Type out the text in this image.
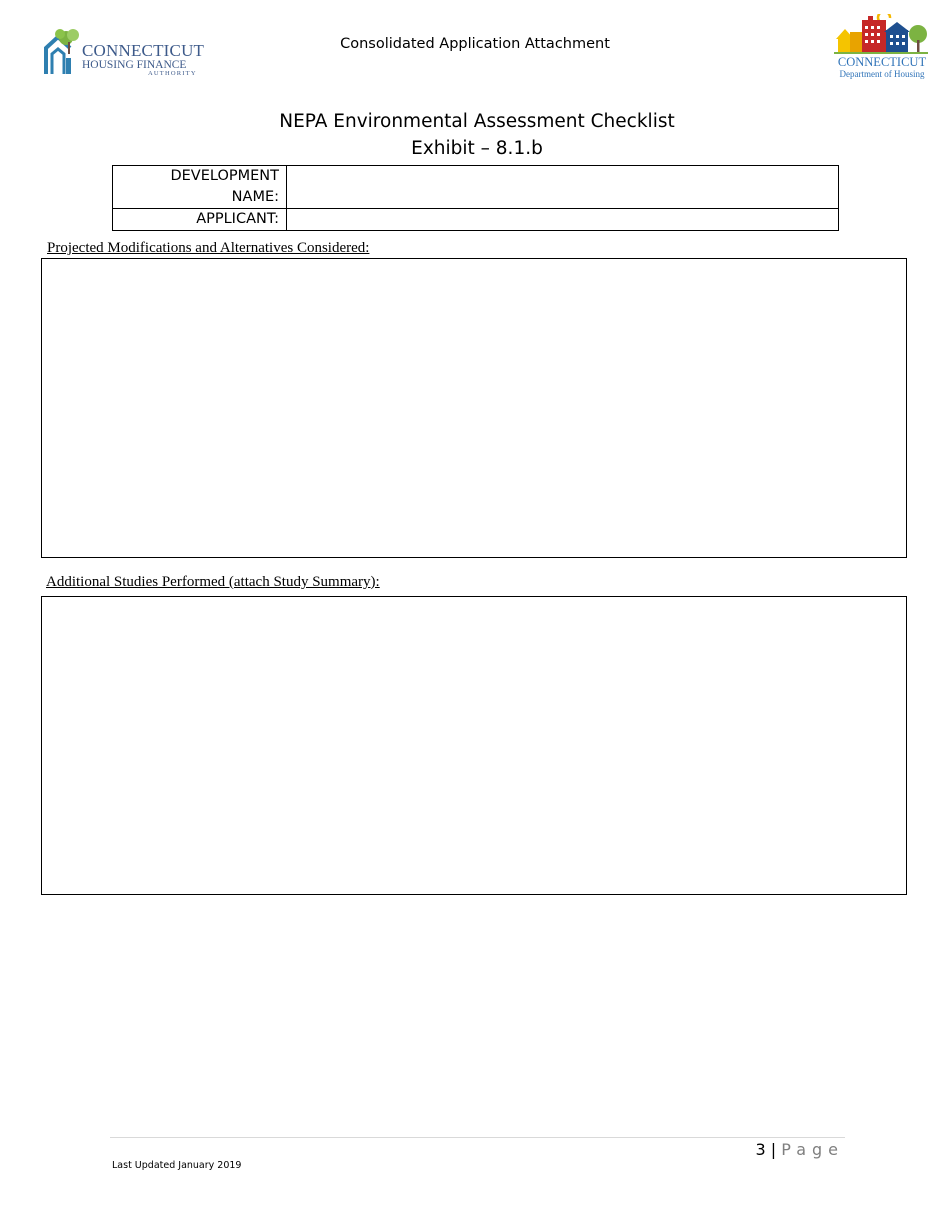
CONNECTICUT
HOUSING FINANCE
AUTHORITY
Consolidated Application Attachment
CONNECTICUT
Department of Housing
NEPA Environmental Assessment Checklist
Exhibit – 8.1.b
DEVELOPMENT NAME:	
APPLICANT:	
Projected Modifications and Alternatives Considered:
Additional Studies Performed (attach Study Summary):
3 | Page
Last Updated January 2019
